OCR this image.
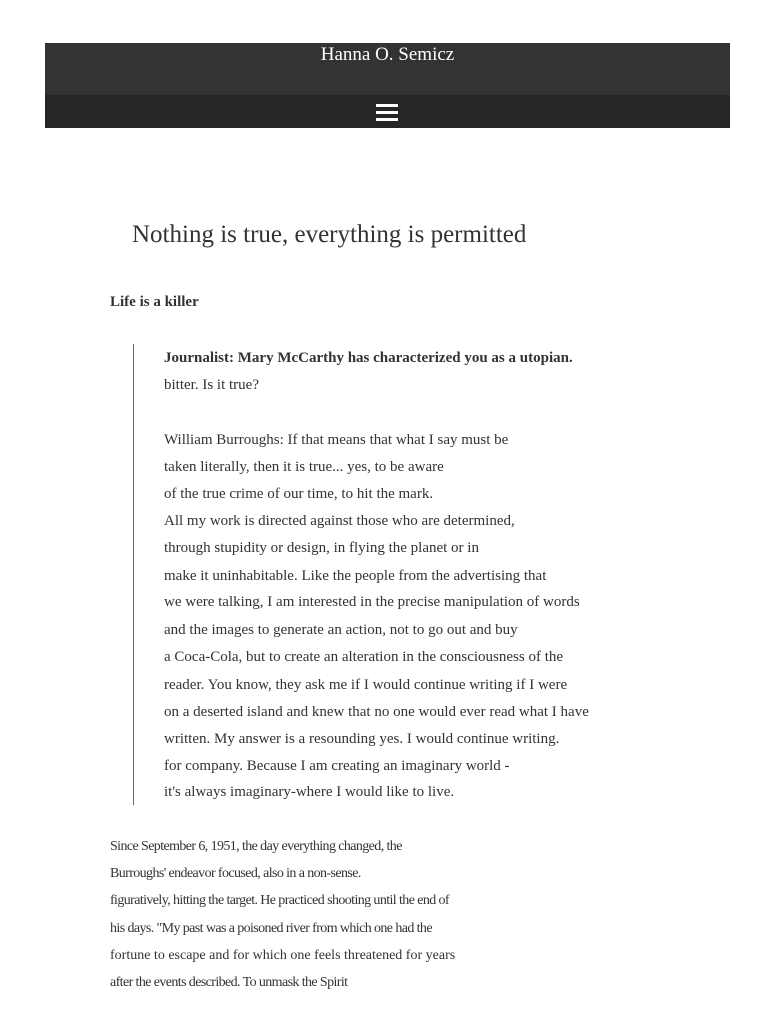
Hanna O. Semicz
Nothing is true, everything is permitted
Life is a killer
Journalist: Mary McCarthy has characterized you as a utopian.
bitter. Is it true?
William Burroughs: If that means that what I say must be
taken literally, then it is true... yes, to be aware
of the true crime of our time, to hit the mark.
All my work is directed against those who are determined,
through stupidity or design, in flying the planet or in
make it uninhabitable. Like the people from the advertising that
we were talking, I am interested in the precise manipulation of words
and the images to generate an action, not to go out and buy
a Coca-Cola, but to create an alteration in the consciousness of the
reader. You know, they ask me if I would continue writing if I were
on a deserted island and knew that no one would ever read what I have
written. My answer is a resounding yes. I would continue writing.
for company. Because I am creating an imaginary world -
it's always imaginary-where I would like to live.
Since September 6, 1951, the day everything changed, the
Burroughs' endeavor focused, also in a non-sense.
figuratively, hitting the target. He practiced shooting until the end of
his days. "My past was a poisoned river from which one had the
fortune to escape and for which one feels threatened for years
after the events described. To unmask the Spirit
